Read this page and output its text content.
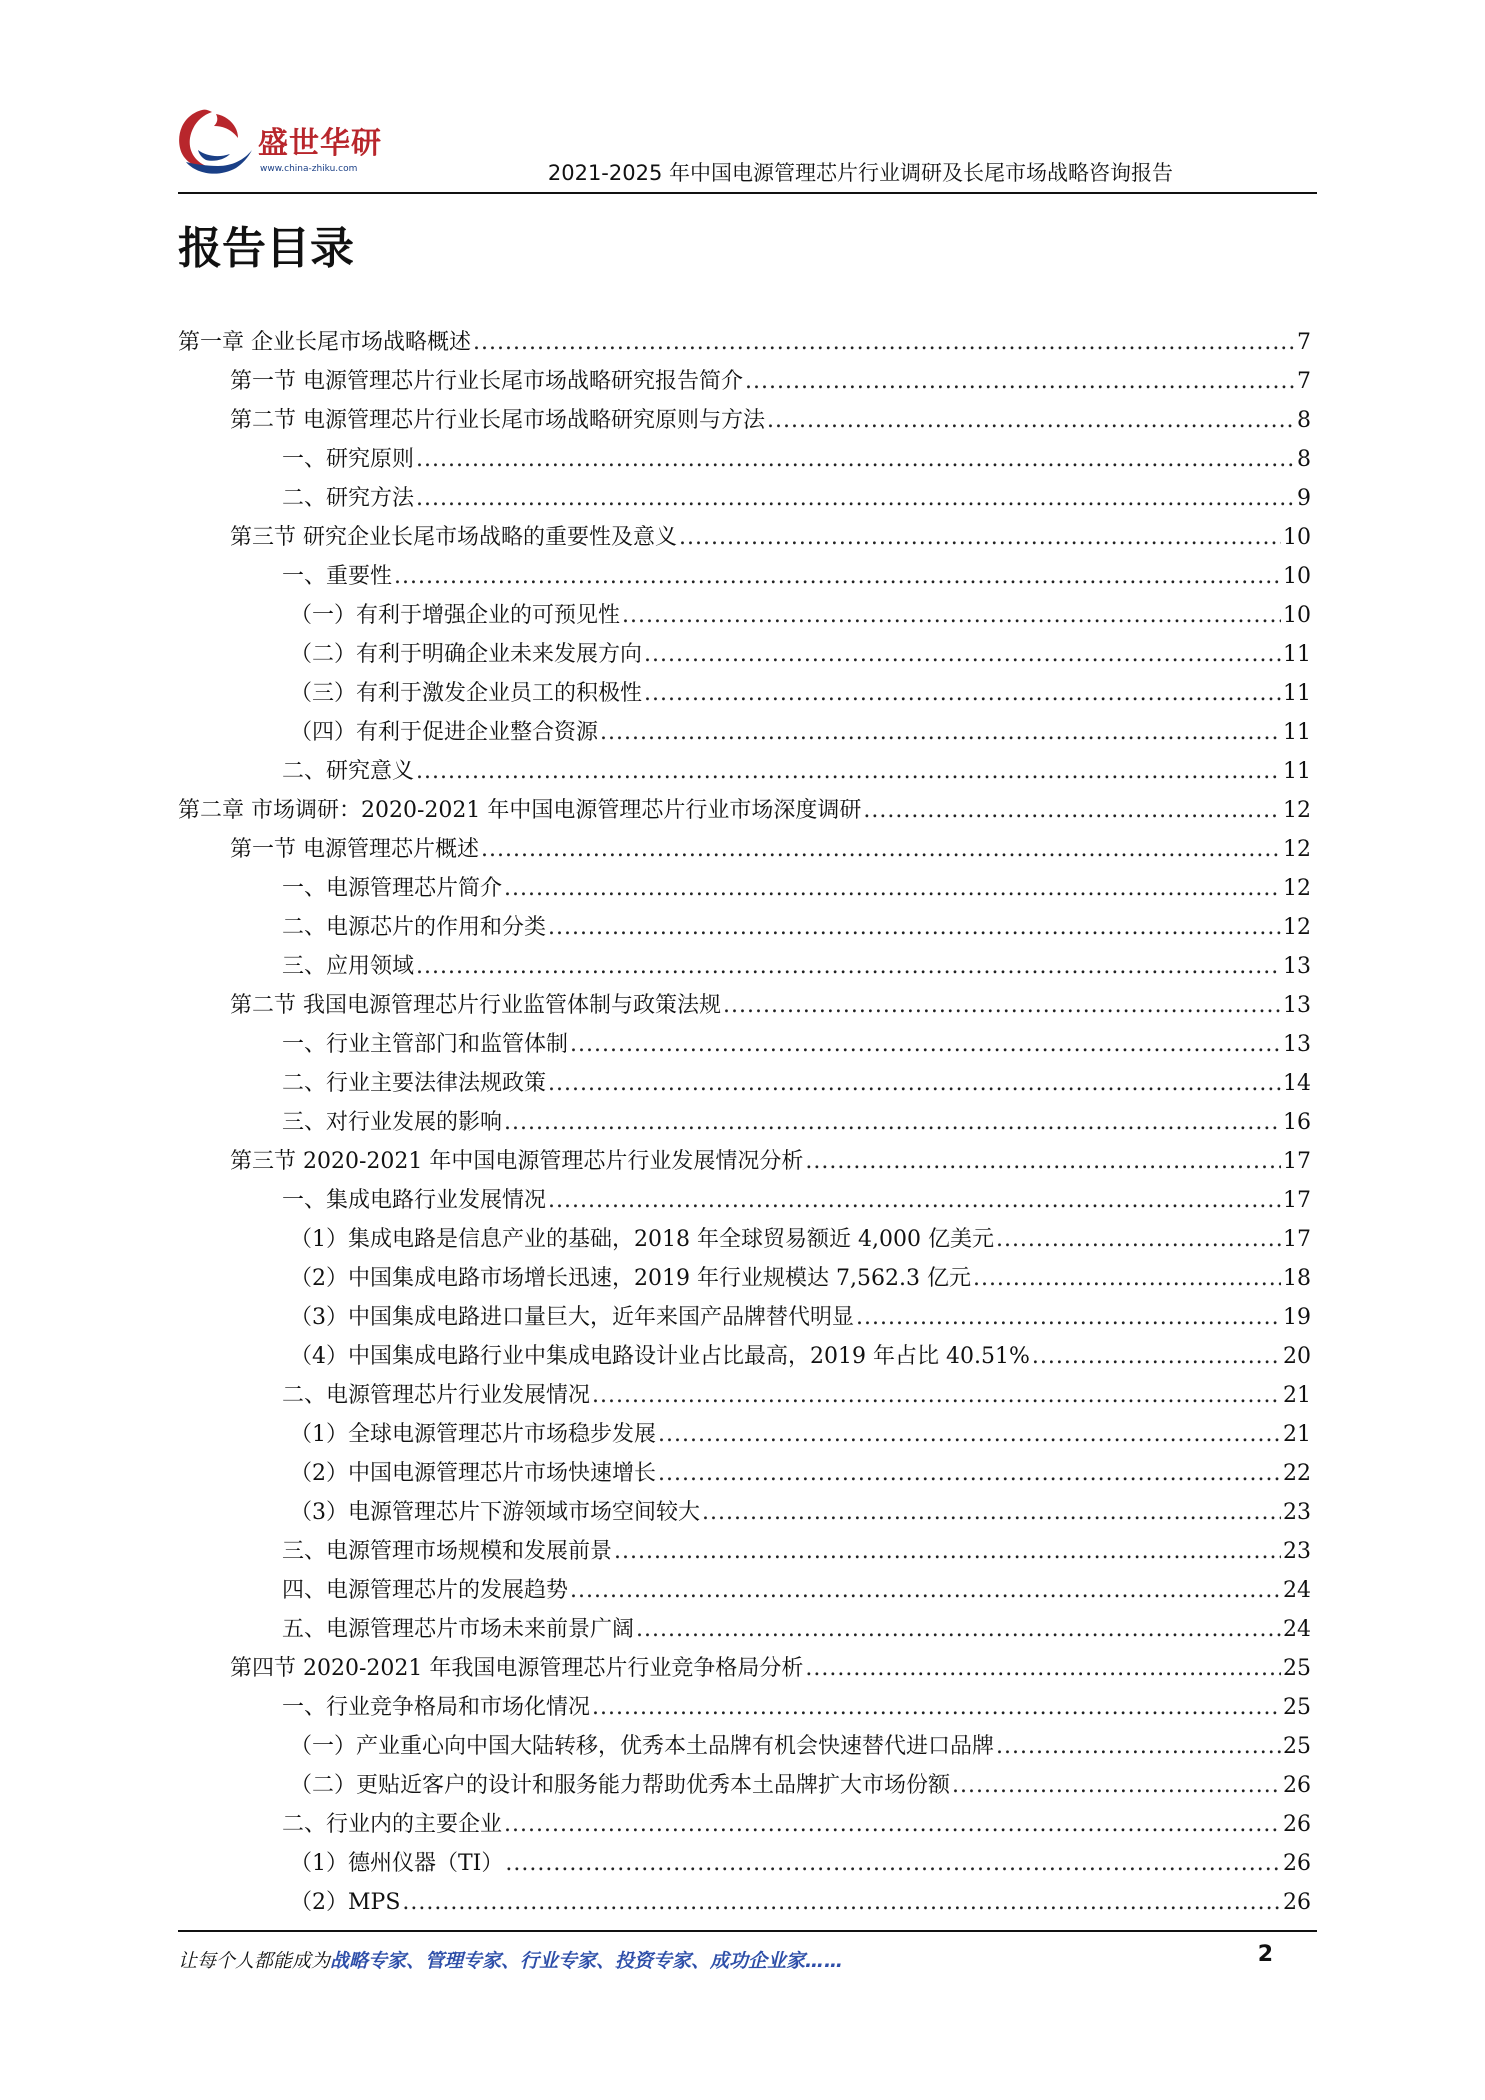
盛世华研
www.china-zhiku.com	2021-2025 年中国电源管理芯片行业调研及长尾市场战略咨询报告
报告目录
第一章 企业长尾市场战略概述 .....	7
第一节 电源管理芯片行业长尾市场战略研究报告简介 .....	7
第二节 电源管理芯片行业长尾市场战略研究原则与方法 .....	8
一、研究原则 .....	8
二、研究方法 .....	9
第三节 研究企业长尾市场战略的重要性及意义 .....	10
一、重要性 .....	10
（一）有利于增强企业的可预见性 .....	10
（二）有利于明确企业未来发展方向 .....	11
（三）有利于激发企业员工的积极性 .....	11
（四）有利于促进企业整合资源 .....	11
二、研究意义 .....	11
第二章 市场调研：2020-2021 年中国电源管理芯片行业市场深度调研 .....	12
第一节 电源管理芯片概述 .....	12
一、电源管理芯片简介 .....	12
二、电源芯片的作用和分类 .....	12
三、应用领域 .....	13
第二节 我国电源管理芯片行业监管体制与政策法规 .....	13
一、行业主管部门和监管体制 .....	13
二、行业主要法律法规政策 .....	14
三、对行业发展的影响 .....	16
第三节 2020-2021 年中国电源管理芯片行业发展情况分析 .....	17
一、集成电路行业发展情况 .....	17
（1）集成电路是信息产业的基础，2018 年全球贸易额近 4,000 亿美元 .....	17
（2）中国集成电路市场增长迅速，2019 年行业规模达 7,562.3 亿元 .....	18
（3）中国集成电路进口量巨大，近年来国产品牌替代明显 .....	19
（4）中国集成电路行业中集成电路设计业占比最高，2019 年占比 40.51% .....	20
二、电源管理芯片行业发展情况 .....	21
（1）全球电源管理芯片市场稳步发展 .....	21
（2）中国电源管理芯片市场快速增长 .....	22
（3）电源管理芯片下游领域市场空间较大 .....	23
三、电源管理市场规模和发展前景 .....	23
四、电源管理芯片的发展趋势 .....	24
五、电源管理芯片市场未来前景广阔 .....	24
第四节 2020-2021 年我国电源管理芯片行业竞争格局分析 .....	25
一、行业竞争格局和市场化情况 .....	25
（一）产业重心向中国大陆转移，优秀本土品牌有机会快速替代进口品牌 .....	25
（二）更贴近客户的设计和服务能力帮助优秀本土品牌扩大市场份额 .....	26
二、行业内的主要企业 .....	26
（1）德州仪器（TI） .....	26
（2）MPS .....	26
让每个人都能成为战略专家、管理专家、行业专家、投资专家、成功企业家……	2
